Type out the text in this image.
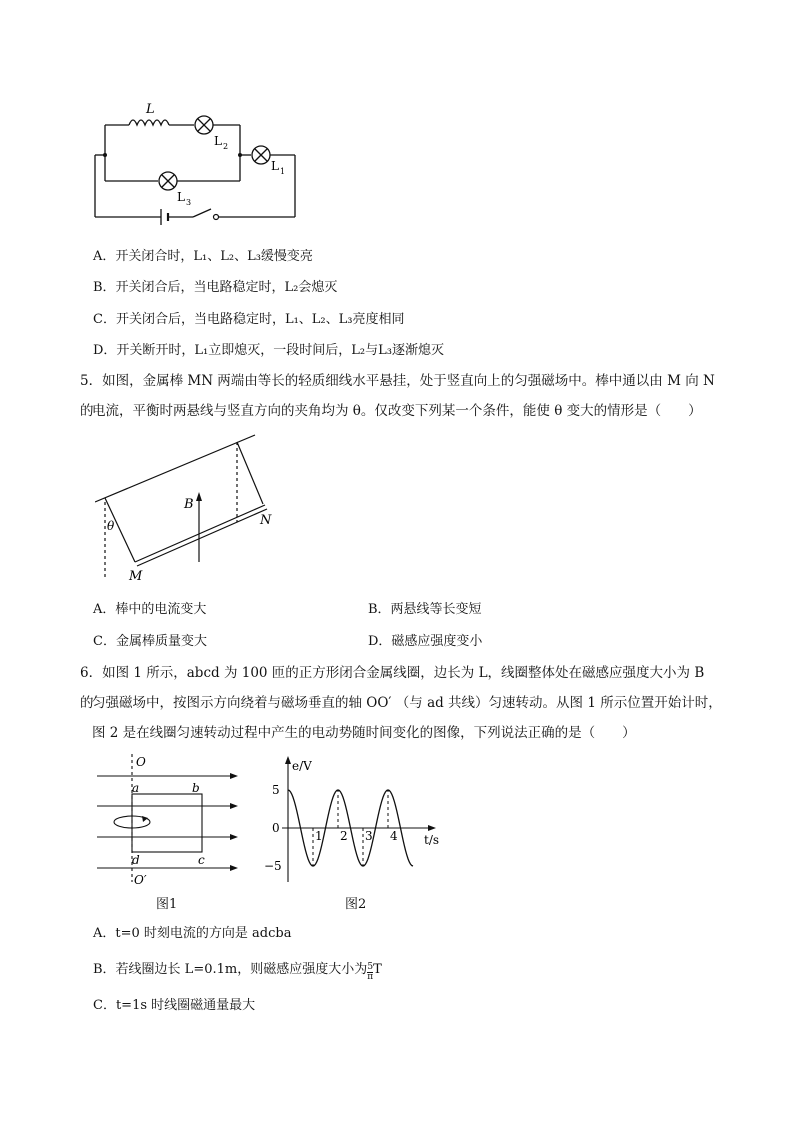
L
L 2
L 1
L 3
A．开关闭合时，L₁、L₂、L₃缓慢变亮
B．开关闭合后，当电路稳定时，L₂会熄灭
C．开关闭合后，当电路稳定时，L₁、L₂、L₃亮度相同
D．开关断开时，L₁立即熄灭，一段时间后，L₂与L₃逐渐熄灭
5．如图，金属棒 MN 两端由等长的轻质细线水平悬挂，处于竖直向上的匀强磁场中。棒中通以由 M 向 N 的
电流，平衡时两悬线与竖直方向的夹角均为 θ。仅改变下列某一个条件，能使 θ 变大的情形是（　　）
B
N
M
θ
A．棒中的电流变大	B．两悬线等长变短
C．金属棒质量变大	D．磁感应强度变小
6．如图 1 所示，abcd 为 100 匝的正方形闭合金属线圈，边长为 L，线圈整体处在磁感应强度大小为 B 的
匀强磁场中，按图示方向绕着与磁场垂直的轴 OO′ （与 ad 共线）匀速转动。从图 1 所示位置开始计时，
图 2 是在线圈匀速转动过程中产生的电动势随时间变化的图像，下列说法正确的是（　　）
O
a	b
c
d
O′
图1
e/V
t/s
1 2 3 4
5
0
−5
图2
A．t=0 时刻电流的方向是 adcba
B．若线圈边长 L=0.1m，则磁感应强度大小为 $\frac{5}{\pi}$ T
C．t=1s 时线圈磁通量最大
